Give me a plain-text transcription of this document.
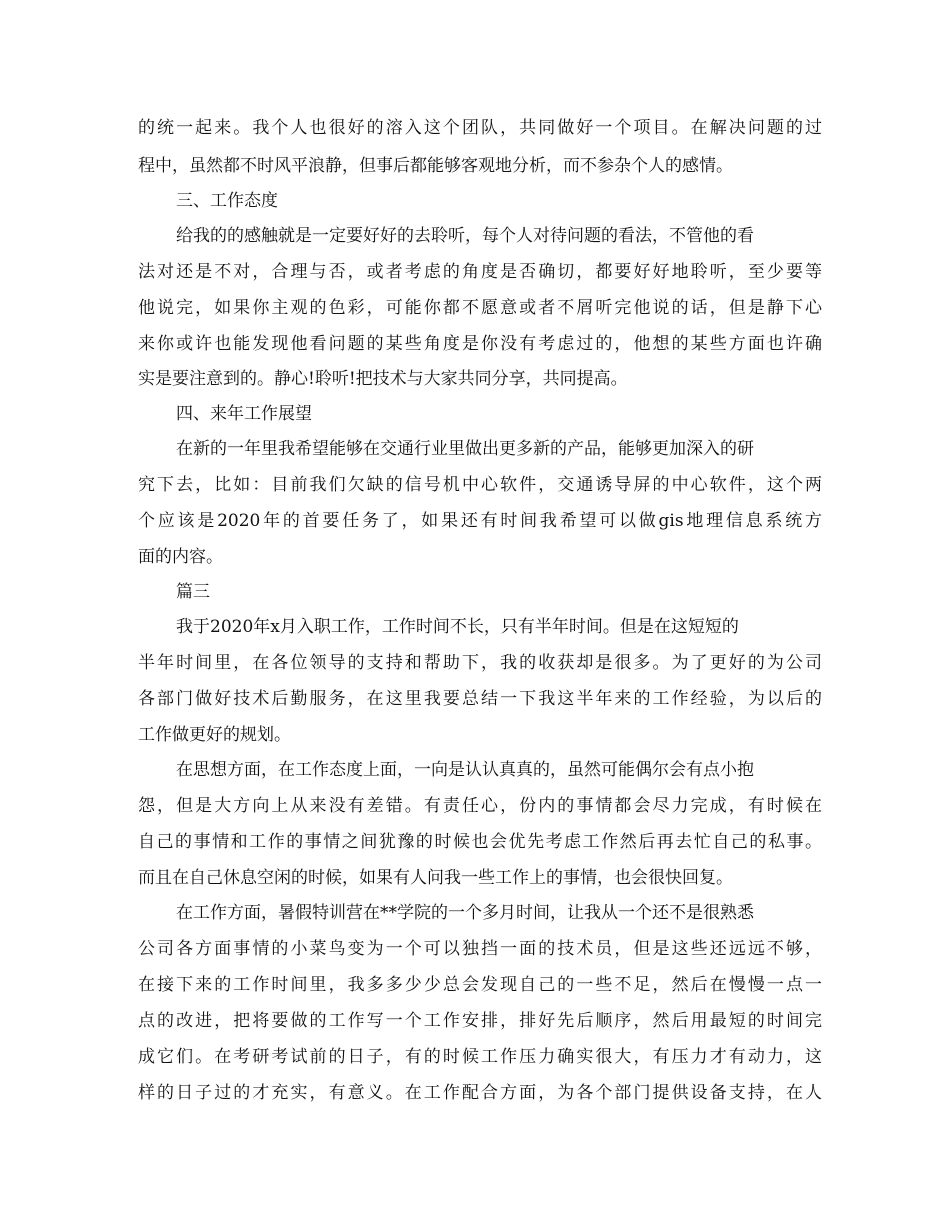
的统一起来。我个人也很好的溶入这个团队，共同做好一个项目。在解决问题的过
程中，虽然都不时风平浪静，但事后都能够客观地分析，而不参杂个人的感情。
三、工作态度
给我的的感触就是一定要好好的去聆听，每个人对待问题的看法，不管他的看
法对还是不对，合理与否，或者考虑的角度是否确切，都要好好地聆听，至少要等
他说完，如果你主观的色彩，可能你都不愿意或者不屑听完他说的话，但是静下心
来你或许也能发现他看问题的某些角度是你没有考虑过的，他想的某些方面也许确
实是要注意到的。静心!聆听!把技术与大家共同分享，共同提高。
四、来年工作展望
在新的一年里我希望能够在交通行业里做出更多新的产品，能够更加深入的研
究下去，比如：目前我们欠缺的信号机中心软件，交通诱导屏的中心软件，这个两
个应该是2020年的首要任务了，如果还有时间我希望可以做gis地理信息系统方
面的内容。
篇三
我于2020年x月入职工作，工作时间不长，只有半年时间。但是在这短短的
半年时间里，在各位领导的支持和帮助下，我的收获却是很多。为了更好的为公司
各部门做好技术后勤服务，在这里我要总结一下我这半年来的工作经验，为以后的
工作做更好的规划。
在思想方面，在工作态度上面，一向是认认真真的，虽然可能偶尔会有点小抱
怨，但是大方向上从来没有差错。有责任心，份内的事情都会尽力完成，有时候在
自己的事情和工作的事情之间犹豫的时候也会优先考虑工作然后再去忙自己的私事。
而且在自己休息空闲的时候，如果有人问我一些工作上的事情，也会很快回复。
在工作方面，暑假特训营在**学院的一个多月时间，让我从一个还不是很熟悉
公司各方面事情的小菜鸟变为一个可以独挡一面的技术员，但是这些还远远不够，
在接下来的工作时间里，我多多少少总会发现自己的一些不足，然后在慢慢一点一
点的改进，把将要做的工作写一个工作安排，排好先后顺序，然后用最短的时间完
成它们。在考研考试前的日子，有的时候工作压力确实很大，有压力才有动力，这
样的日子过的才充实，有意义。在工作配合方面，为各个部门提供设备支持，在人
